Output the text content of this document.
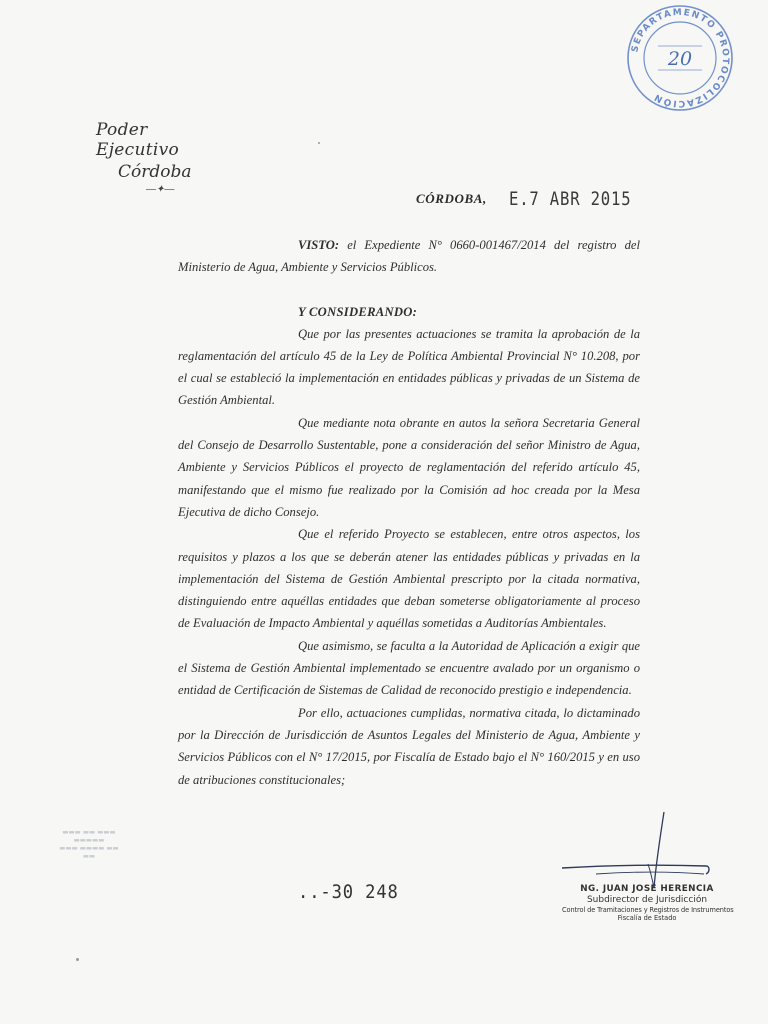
SEPARTAMENTO PROTOCOLIZACIÓN
20
Poder Ejecutivo
Córdoba
―✦―
CÓRDOBA, E.7 ABR 2015

VISTO: el Expediente N° 0660-001467/2014 del registro del Ministerio de Agua, Ambiente y Servicios Públicos.

Y CONSIDERANDO:

Que por las presentes actuaciones se tramita la aprobación de la reglamentación del artículo 45 de la Ley de Política Ambiental Provincial N° 10.208, por el cual se estableció la implementación en entidades públicas y privadas de un Sistema de Gestión Ambiental.

Que mediante nota obrante en autos la señora Secretaria General del Consejo de Desarrollo Sustentable, pone a consideración del señor Ministro de Agua, Ambiente y Servicios Públicos el proyecto de reglamentación del referido artículo 45, manifestando que el mismo fue realizado por la Comisión ad hoc creada por la Mesa Ejecutiva de dicho Consejo.

Que el referido Proyecto se establecen, entre otros aspectos, los requisitos y plazos a los que se deberán atener las entidades públicas y privadas en la implementación del Sistema de Gestión Ambiental prescripto por la citada normativa, distinguiendo entre aquéllas entidades que deban someterse obligatoriamente al proceso de Evaluación de Impacto Ambiental y aquéllas sometidas a Auditorías Ambientales.

Que asimismo, se faculta a la Autoridad de Aplicación a exigir que el Sistema de Gestión Ambiental implementado se encuentre avalado por un organismo o entidad de Certificación de Sistemas de Calidad de reconocido prestigio e independencia.

Por ello, actuaciones cumplidas, normativa citada, lo dictaminado por la Dirección de Jurisdicción de Asuntos Legales del Ministerio de Agua, Ambiente y Servicios Públicos con el N° 17/2015, por Fiscalía de Estado bajo el N° 160/2015 y en uso de atribuciones constitucionales;

▬▬▬ ▬▬ ▬▬▬
▬▬▬▬▬
▬▬▬ ▬▬▬▬ ▬▬
▬▬
..-30 248	NG. JUAN JOSE HERENCIA
Subdirector de Jurisdicción
Control de Tramitaciones y Registros de Instrumentos
Fiscalía de Estado
